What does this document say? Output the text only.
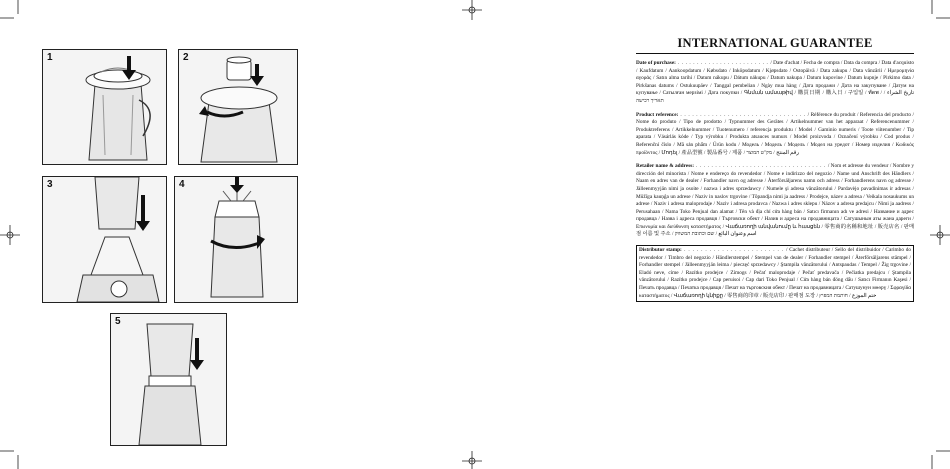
1	2
3	4
5
INTERNATIONAL GUARANTEE

Date of purchase: . . . . . . . . . . . . . . . . . . . . . . . . / Date d'achat / Fecha de compra / Data da compra / Data d'acquisto / Kaufdatum / Aankoopdatum / Købsdato / Inköpsdatum / Kjøpsdato / Ostopäivä / Data zakupu / Data vânzării / Ημερομηνία αγοράς / Satın alma tarihi / Datum nákupu / Dátum nákupu / Datum nakupa / Datum kupovine / Datum kupnje / Pirkimo data / Pirkšanas datums / Ostukuupäev / Tanggal pembelian / Ngày mua hàng / Дата продажи / Дата на закупуване / Датум на купување / Сатылған мерзімі / Дата покупки / Գնման ամսաթիվ / 購買日期 / 購入日 / 구입일 / ทัดพ / تاريخ الشراء / תאריך רכישה

Product reference: . . . . . . . . . . . . . . . . . . . . . . . . . . . . . . . . / Référence du produit / Referencia del producto / Nome do produto / Tipo de prodotto / Typnummer des Gerätes / Artikelnummer van het apparaat / Referencenummer / Produktreferens / Artikkelnummer / Tuotenumero / referencja produktu / Model / Gaminio numeris / Toote viitenumber / Tip aparata / Vásárlás kóde / Typ výrobku / Produkta atsauces numurs / Model proizvoda / Označení výrobku / Cod produs / Referenční číslo / Mã sản phẩm / Ürün kodu / Модель / Модель / Модель / Модел на уредот / Номер изделия / Κωδικός προϊόντος / Մոդել / 產品型號 / 製品番号 / 제품 / رقم المنتج / מק"ט המוצר

Retailer name & address: . . . . . . . . . . . . . . . . . . . . . . . . . . . . . . . . . . / Nom et adresse du vendeur / Nombre y dirección del minorista / Nome e endereço do revendedor / Nome e indirizzo del negozio / Name und Anschrift des Händlers / Naam en adres van de dealer / Forhandler navn og adresse / Återförsäljarens namn och adress / Forhandlerens navn og adresse / Jälleenmyyjän nimi ja osoite / nazwa i adres sprzedawcy / Numele şi adresa vânzătorului / Pardavėjo pavadinimas ir adresas / Mūžīga kauņģa un adrese / Naziv in naslov trgovine / Tõpandja nimi ja aadress / Prodejce, název a adresa / Veikala nosaukums un adrese / Naziv i adresa maloprodaje / Naziv i adresa prodavca / Nazwa i adres sklepu / Názov a adresa predajcu / Nimi ja aadress / Perusahaan / Nama Toko Penjual dan alamat / Tên và địa chỉ cửa hàng bán / Satıcı firmanın adı ve adresi / Название и адрес продавца / Назва і адреса продавця / Търговски обект / Назив и адреса на продавницата / Сатушынын аты жана дареги / Επωνυμία και διεύθυνση καταστήματος / Վաճառողի անվանումը և հասցեն / 零售商的名稱和地址 / 販売店名 / 판매점 이름 및 주소 / اسم وعنوان البائع / שם וכתובת המשווק

Distributor stamp: . . . . . . . . . . . . . . . . . . . . . . . . / Cachet distributeur / Sello del distribuidor / Carimbo do revendedor / Timbro del negozio / Händlerstempel / Stempel van de dealer / Forhandler stempel / Återförsäljarens stämpel / Forhandler stempel / Jälleenmyyjän leima / pieczęć sprzedawcy / Ştampila vânzătorului / Antspaudas / Tempel / Žig trgovine / Eladó neve, címe / Razítko prodejce / Zímogs / Pečať maloprodaje / Pečať predavača / Pečiatka predajcu / Ştampila vânzătorului / Razítko prodejce / Cap peruisoi / Cap dari Toko Penjual / Cửa hàng bán đóng dấu / Satıcı Firmanın Kaşesi / Печать продавца / Печатка продавця / Печат на търговския обект / Печат на продавницата / Сатушунун мөөрү / Σφραγίδα καταστήματος / Վաճառողի կնիքը / 零售商的印章 / 販売店印 / 판매점 도장 / ختم الموزع / חותמת המפיץ
